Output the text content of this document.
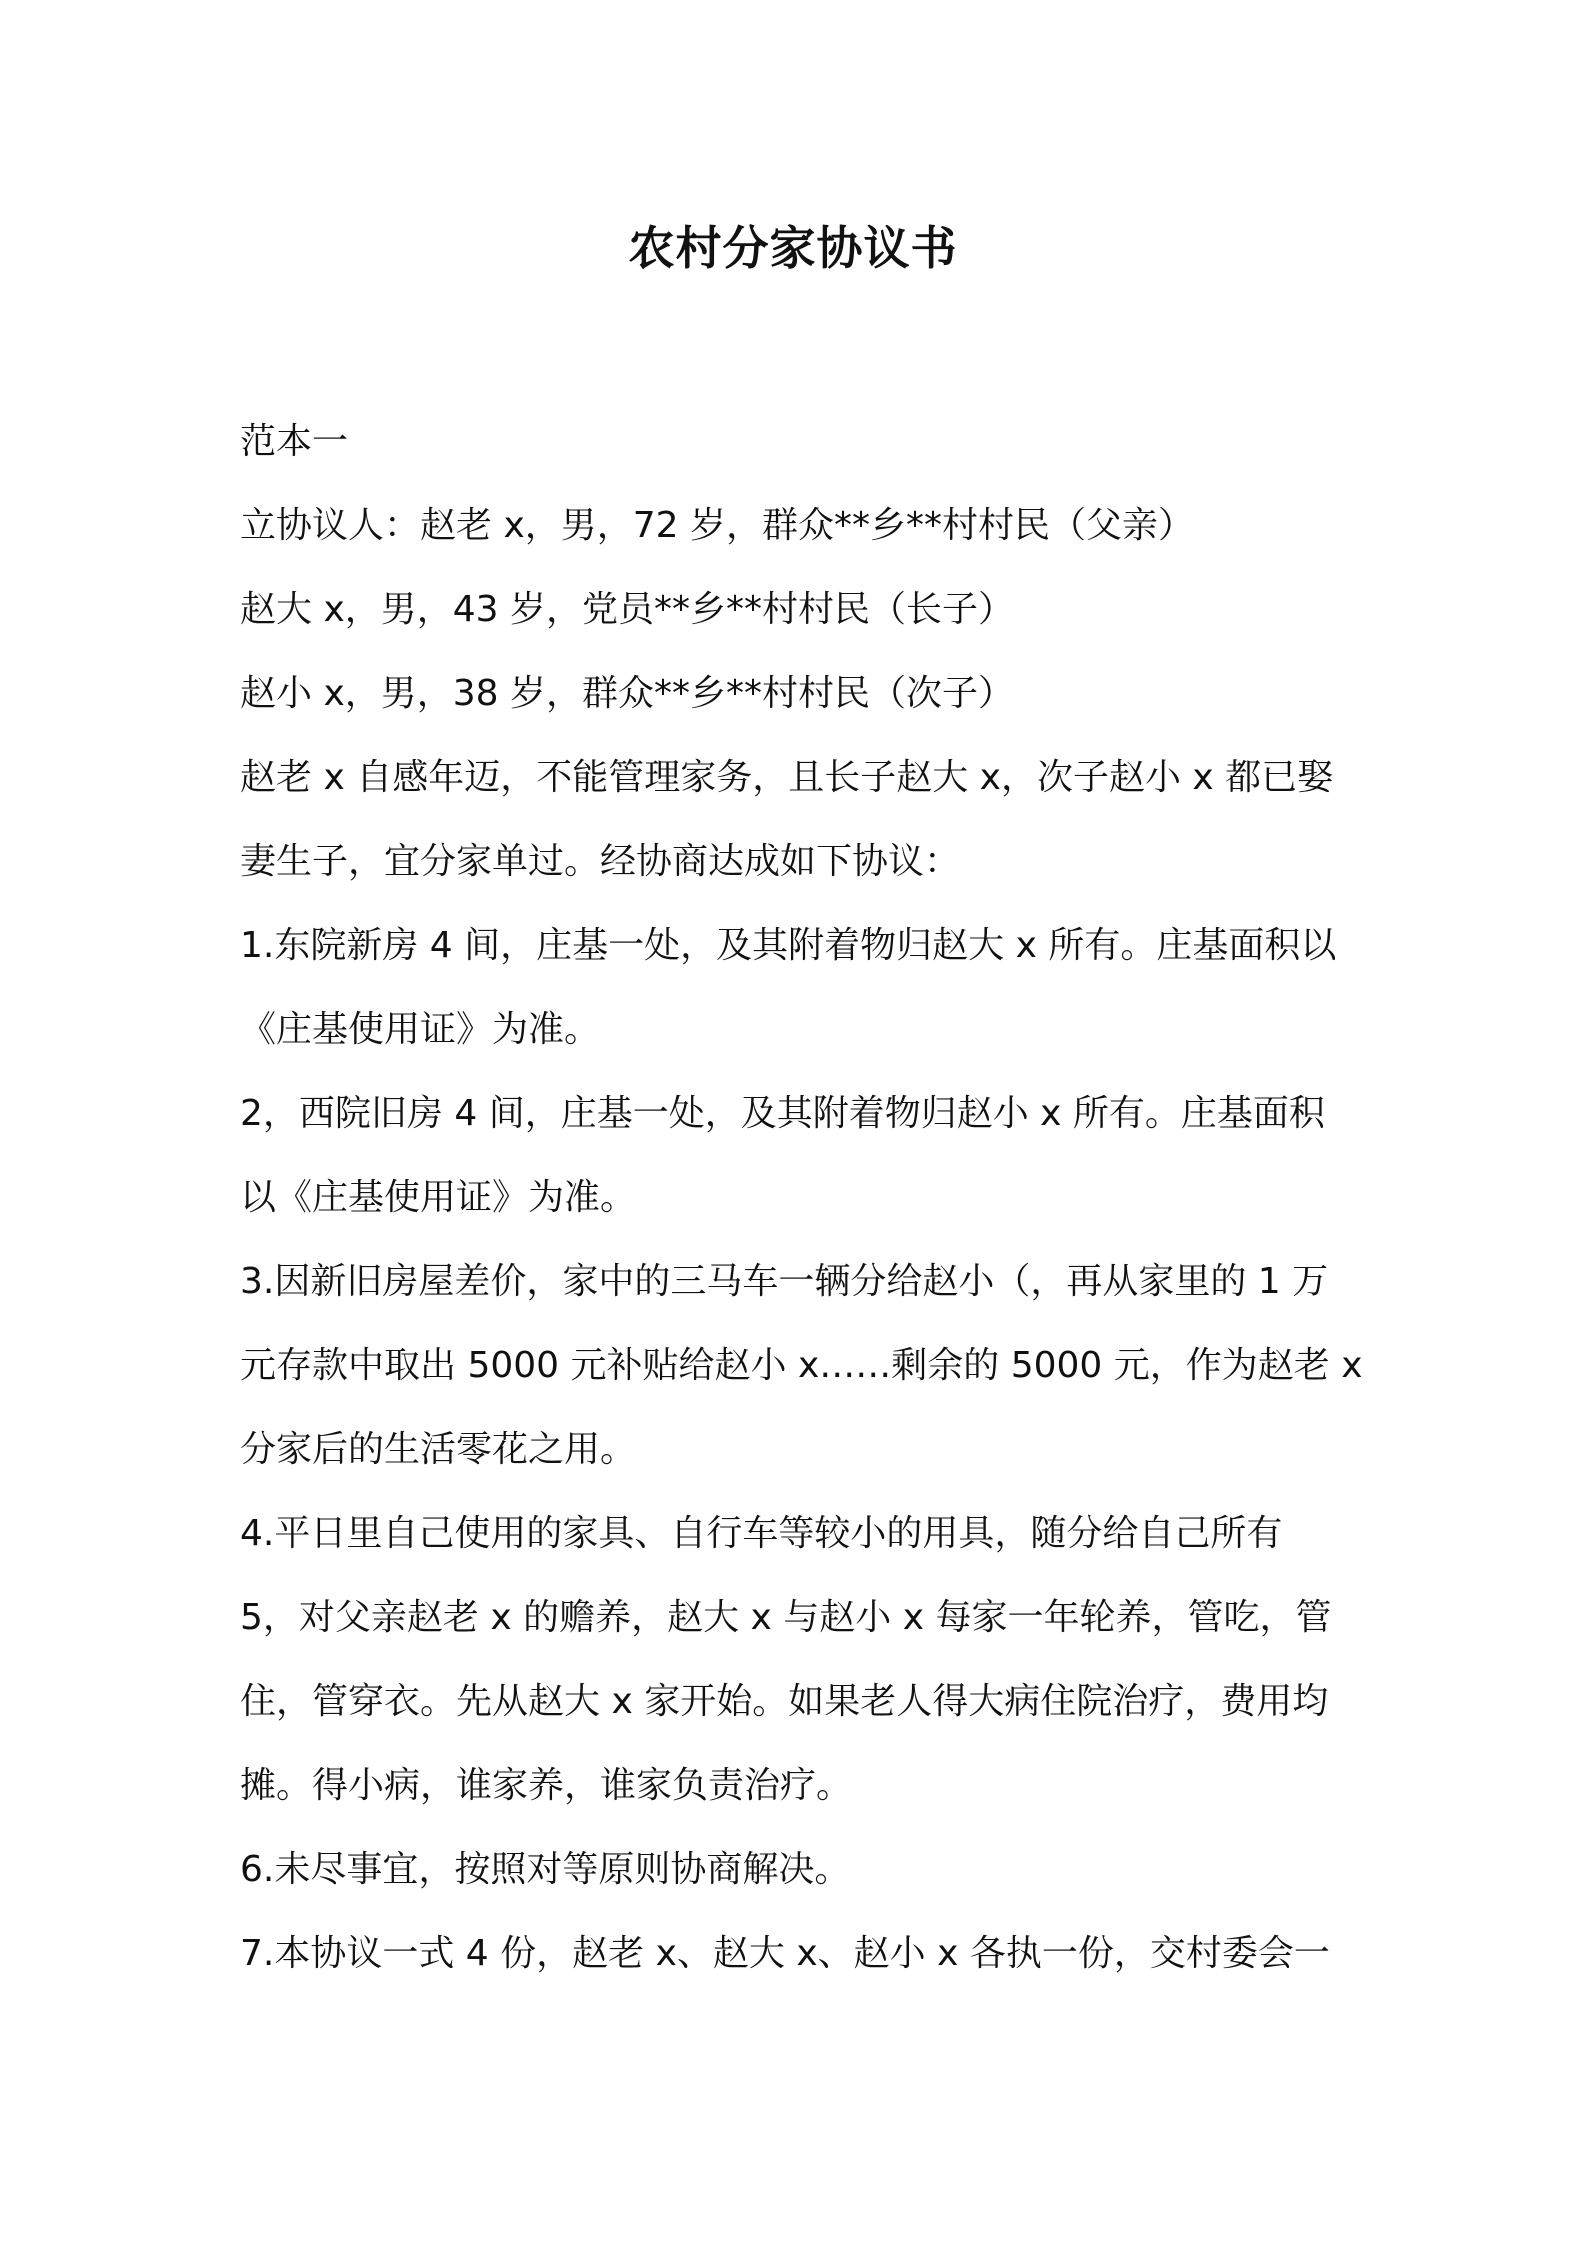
农村分家协议书

范本一

立协议人：赵老 x，男，72 岁，群众**乡**村村民（父亲）

赵大 x，男，43 岁，党员**乡**村村民（长子）

赵小 x，男，38 岁，群众**乡**村村民（次子）

赵老 x 自感年迈，不能管理家务，且长子赵大 x，次子赵小 x 都已娶

妻生子，宜分家单过。经协商达成如下协议：

1.东院新房 4 间，庄基一处，及其附着物归赵大 x 所有。庄基面积以

《庄基使用证》为准。

2，西院旧房 4 间，庄基一处，及其附着物归赵小 x 所有。庄基面积

以《庄基使用证》为准。

3.因新旧房屋差价，家中的三马车一辆分给赵小（，再从家里的 1 万

元存款中取出 5000 元补贴给赵小 x……剩余的 5000 元，作为赵老 x

分家后的生活零花之用。

4.平日里自己使用的家具、自行车等较小的用具，随分给自己所有

5，对父亲赵老 x 的赡养，赵大 x 与赵小 x 每家一年轮养，管吃，管

住，管穿衣。先从赵大 x 家开始。如果老人得大病住院治疗，费用均

摊。得小病，谁家养，谁家负责治疗。

6.未尽事宜，按照对等原则协商解决。

7.本协议一式 4 份，赵老 x、赵大 x、赵小 x 各执一份，交村委会一
